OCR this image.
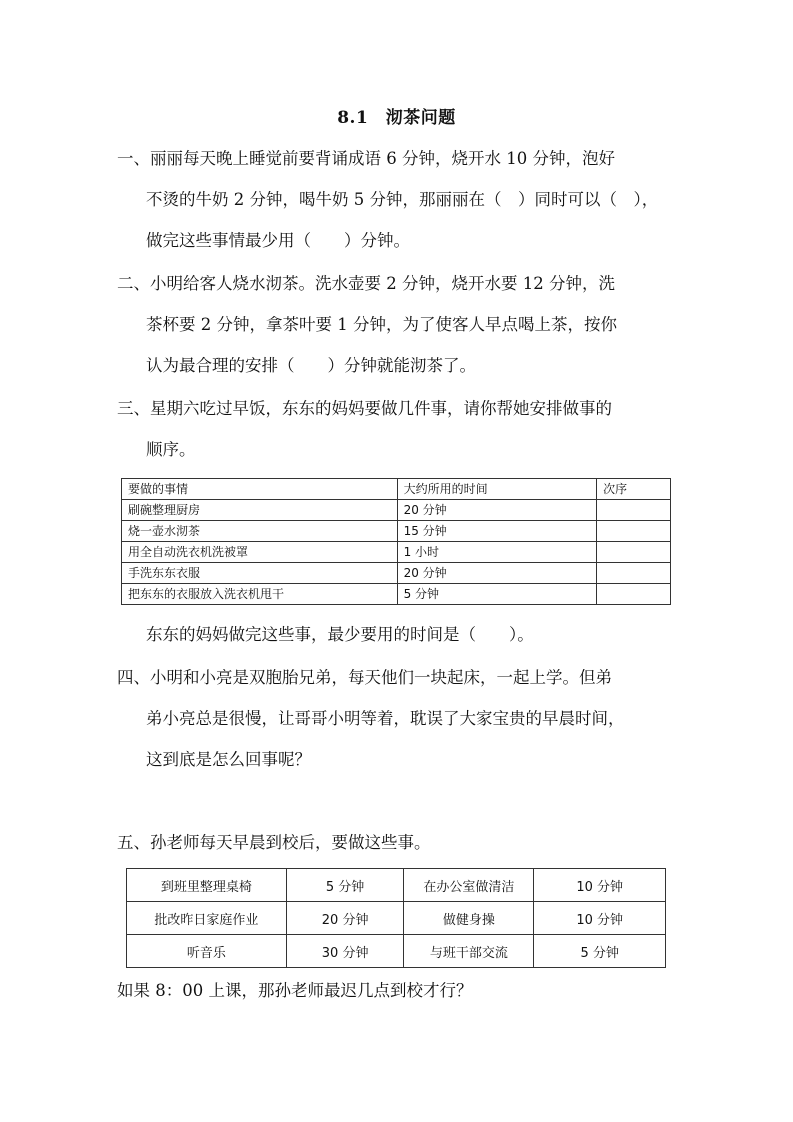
8.1　沏茶问题
一、丽丽每天晚上睡觉前要背诵成语 6 分钟，烧开水 10 分钟，泡好
不烫的牛奶 2 分钟，喝牛奶 5 分钟，那丽丽在（　）同时可以（　），
做完这些事情最少用（　　）分钟。
二、小明给客人烧水沏茶。洗水壶要 2 分钟，烧开水要 12 分钟，洗
茶杯要 2 分钟，拿茶叶要 1 分钟，为了使客人早点喝上茶，按你
认为最合理的安排（　　）分钟就能沏茶了。
三、星期六吃过早饭，东东的妈妈要做几件事，请你帮她安排做事的
顺序。
要做的事情	大约所用的时间	次序
刷碗整理厨房	20 分钟	
烧一壶水沏茶	15 分钟	
用全自动洗衣机洗被罩	1 小时	
手洗东东衣服	20 分钟	
把东东的衣服放入洗衣机甩干	5 分钟	
东东的妈妈做完这些事，最少要用的时间是（　　）。
四、小明和小亮是双胞胎兄弟，每天他们一块起床，一起上学。但弟
弟小亮总是很慢，让哥哥小明等着，耽误了大家宝贵的早晨时间，
这到底是怎么回事呢？
五、孙老师每天早晨到校后，要做这些事。
到班里整理桌椅	5 分钟	在办公室做清洁	10 分钟
批改昨日家庭作业	20 分钟	做健身操	10 分钟
听音乐	30 分钟	与班干部交流	5 分钟
如果 8：00 上课，那孙老师最迟几点到校才行？
